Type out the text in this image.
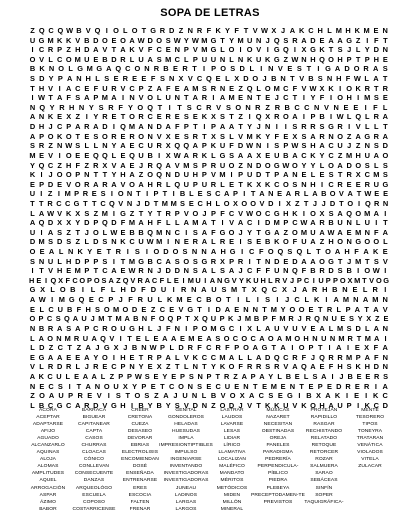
SOPA DE LETRAS
Z Q C Q W B V Q I O L O T G R D Z N R F K Y F T V W X J A K C H L M H K M E N
U G M K K V B D O E O A W D O S W Y W M G T Y M U N J Q S R A D E A A G Z I F T
I C R P Z H D A V T A K V F C E N P V M G L O I O V I G Q I X G K T S J L Y D N
O V L C O M U E B D R L U A S M C L P U U N L N K U K G Z W N H Q O H P T P H E
B K N O L G M G A Q C O N R B E R T I P O S D L I N V E S T I G A D O R A S
S D Y P A N H L S E R E E F S N X V C Q E L X D O J B N T V B S N H F W L A T
T H V I A C E F U R V C P Z A F E A M S R N E Z Q L O M C F V W X K I O K R T R
I W T A F S A P M A I N V O L U N T A R I A M E N T E J C T I Y F I O H I M S E
N Q Y R H N Y S R F Y O Q T I T S C R V S O N R Z R B C C N V N E E I F L
A N K E X Z I Y R E T O R C E R E S E K X S T Z I Q X R O A I P B I W L Q L R A
D H J C P A R A D I Q M A N D A F P T I P A A T Y J N I I S R R S G R I V L L T
A P O K O T E S O R E R O N V X E S R T X S L V M K Y F E X S A R N O Z A G R A
S R Z N W S L L N Y A E C U R X Q Q A P K U F D W N I S P W S H A C U J Z N S D
M E V I O E E Q Q L E Q U B I X W A R K L G S A A X E U B A C K Y C Z M H U A O
Y Q C Z H F Z R X V A E J R Q A V M S P R U O Z N D O G W O Y Y L O A D O S L S
K I J O O P N T T Y H A Z O Q N D U H P V M I P U D T P A N E L E S T R X C M S
E P D E V O R A R A V O A H R L Q U P U R L E T K X K C O S N H I C R E E R U G
U I Z I M P R E S I O N T I P T I B L E S C A P I T A N E A R L A B O V A T W E E
T T R C C G T T C Q V N J D T M M S E C H L O X O O V D I X Z T J J D T O I Q R N
L A W V K X S Z M I G Z T Y T R P V O J P F C V W O C G H K I O X S A Q O M A I
A Q D X X Y D P Q D F M A H F L L A M A T I V A C I D M P C W A R B U N L U I T
U I A S Z T J O L W E B B Q M N C I S A F G O J Y T G A Z O M U A W A E M N F A
D M S D S Z L D S N K C U W M I N E R A L R E I S E B K O F U A Z H O N G O O L
O E A L N K Y E T R I S I O D O S N N A H G I C F O Q S Q L T O A H F A K E
S N U L H D P P S I T M G B C A S O S G R X P R I T N D E D A A O G T J M T S V
I T V H E M P T C A E W R N J D D N S A L S A J C F F U N Q F B R D S B I O W I
H E I Q X F C O P O S A Z Q V R A C F L E I M U I A N G V Y K U H L R V J P C I U P P O X M T V O G
G X L O B I L F L H D F D U I R N A U S M T X Q C X J A R H B N E L R I
A W I M G Q E C P J F R U L K M E C B O T I L I S I J C L K I A M N A M N
E L C U B F H S O M O D E Z C E V G T I D A E N N T M Y O O E T R L P A T A V
O P C S Q A U J M T M A B N F O Q P T X Q U P K J M B P F M R J R Q N U E S Y X Z E
N B R A S A P C R O U G H L J F N I P O M G C I X L A U V U V E A L M S D L A N
L A O N M R U A Q V I T E L E A A E M E A S O C O C A O A M O H N U N M R T M A I
L D Z C T Z A J G X J B N W P L D R F C R F P O A G T A I O P T I A I E X F A
E G A A E E A Y O I H E T R P A L V K C C M A L L A D Q C R F J Q R R M P A F N
V L R D R L J R E C P N Y E X Z T L N T Y K O F R R S R V A Q A E F H S K H D N
A K C U L E A A L Z P P W S E Y E P S N P T R Z A P A Y L B E L S A I J B E E R S
N E C S I T A N O U X Y P E T C O N S E C U E N T E M E N T E P E D R E R I A
Z O A U P R E V I S T O S Z A J U N L B V O X A C S E G I B X A K I E I K C
L B C G C A R D V G H I B Y B Y S V D N Z O D J V T K K U V K O H A U P I K C D
ACORA
ACEPTAR
ADAPTARSE
AFIJO
AGUADO
ALCANZARLO
AQUINAS
ALOJA
ALOMAS
AMPLITUDES
AQUEL
ARROGACIÓN
ASPAR
ÁZIMO
BABOR
BARRACA
BIGUEAR
CAPITANEAR
CAPTA
CASOS
CHURRAS
CLOACAS
CÓNICO
CONLLEVAN
CONSECUENTE
DANZAS
ARQUEOLÓGO
ESCUELA
COPOSO
COSTARRICENSE
CREER
CRETONA
CUEZA
DESASEO
DEVORAR
EBRIAS
ELECTROLISIS
ENCOMIENDAN
DOSÉ
ENSEÑADA
ENTRENARSE
ERES
ESCOCIA
FALTEN
FRENAR
GENITAL
GONDOLEROS
HELADAS
HUESUDAS
IMPLA
IMPRESIONTIPTIBLES
IMPULSO
INGENIARSE
INVENTANDO
INVESTIGADORAS
INVESTIGADORAS
JUNEAU
LADINOS
LARGAS
LARGOS
LASTRAR
LAUDOS
LAVARSE
LESAS
LIDIAR
LÍRICO
LLAMATIVA
LOCALIZAN
MALÉFICO
MANDATO
MÉRITOS
METÓDICOS
MIDEN
MILLÓN
MINERAL
MÚSICAS
NAZARET
NECESITAN
OBSTINADAS
OREJA
PANELES
PARADIGMA
PEDRERÍA
PERPENDICULA-
PÍBLICO
PIEDRA
PLEBEYA
PRECEPTODAMEN-TE
PREVISTOS
PROTEJAN
RAPIDILLO
RASGAR
RECHISTANDO
RELATADO
RETOQUE
RETORCER
ROZAR
SALMUERA
SARAO
SEBÁCEAS
SINFÍN
SOPER
TAQUIGRÁFICA-
MENTE
TESORERO
TIPOS
TONEYRA
TRATARAN
VENÁTICA
VIOLADOS
VITELA
ZULACAR
